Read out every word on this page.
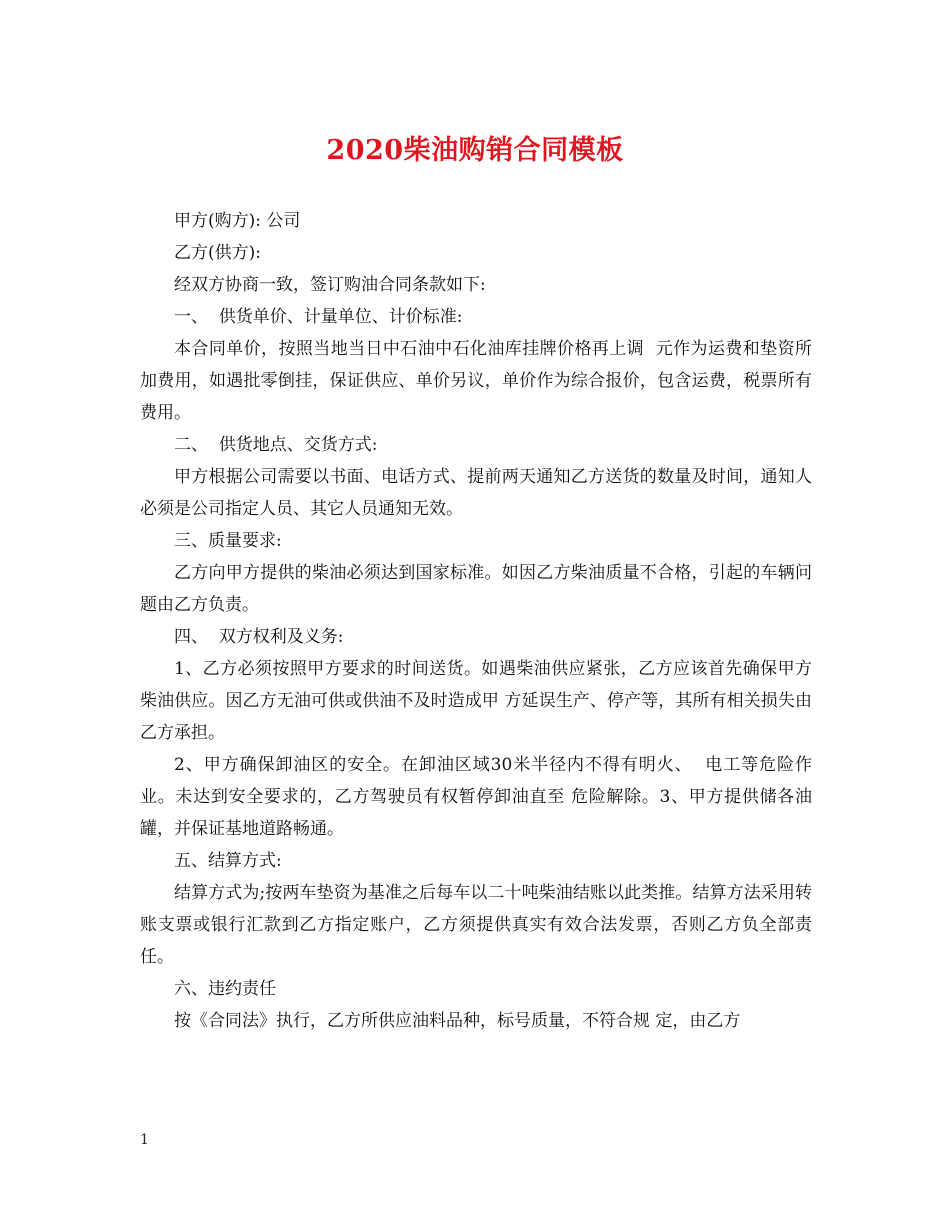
2020柴油购销合同模板

甲方(购方): 公司

乙方(供方):

经双方协商一致，签订购油合同条款如下:

一、  供货单价、计量单位、计价标准:

本合同单价，按照当地当日中石油中石化油库挂牌价格再上调  元作为运费和垫资所加费用，如遇批零倒挂，保证供应、单价另议，单价作为综合报价，包含运费，税票所有费用。

二、  供货地点、交货方式:

甲方根据公司需要以书面、电话方式、提前两天通知乙方送货的数量及时间，通知人必须是公司指定人员、其它人员通知无效。

三、质量要求:

乙方向甲方提供的柴油必须达到国家标准。如因乙方柴油质量不合格，引起的车辆问题由乙方负责。

四、  双方权利及义务:

1、乙方必须按照甲方要求的时间送货。如遇柴油供应紧张，乙方应该首先确保甲方柴油供应。因乙方无油可供或供油不及时造成甲 方延误生产、停产等，其所有相关损失由乙方承担。

2、甲方确保卸油区的安全。在卸油区域30米半径内不得有明火、  电工等危险作业。未达到安全要求的，乙方驾驶员有权暂停卸油直至 危险解除。3、甲方提供储各油罐，并保证基地道路畅通。

五、结算方式:

结算方式为;按两车垫资为基准之后每车以二十吨柴油结账以此类推。结算方法采用转账支票或银行汇款到乙方指定账户，乙方须提供真实有效合法发票，否则乙方负全部责任。

六、违约责任

按《合同法》执行，乙方所供应油料品种，标号质量，不符合规 定，由乙方

1
